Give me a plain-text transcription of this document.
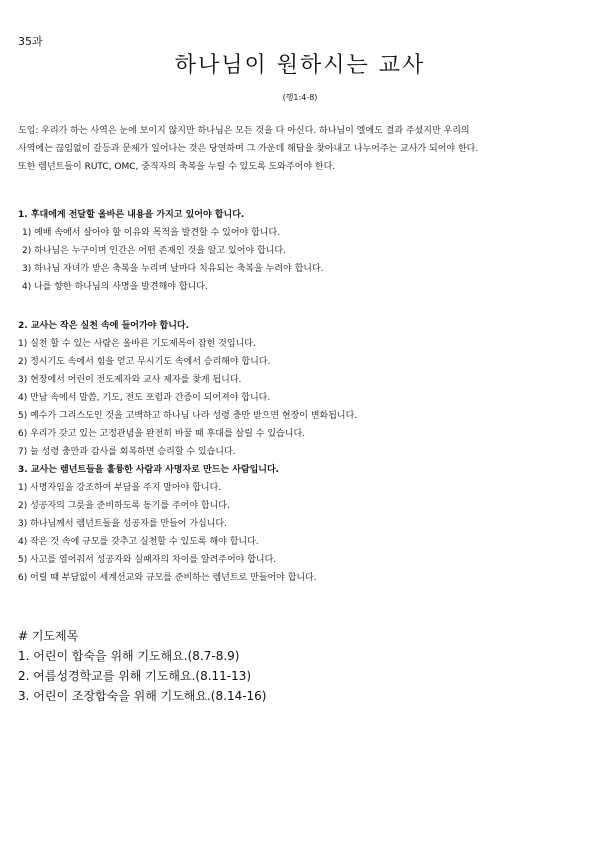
35과
하나님이 원하시는 교사
(행1:4-8)
도입: 우리가 하는 사역은 눈에 보이지 않지만 하나님은 모든 것을 다 아신다. 하나님이 엘에도 결과 주셨지만 우리의
사역에는 끊임없이 갈등과 문제가 일어나는 것은 당연하며 그 가운데 해답을 찾아내고 나누어주는 교사가 되어야 한다.
또한 렘넌트들이 RUTC, OMC, 중직자의 축복을 누릴 수 있도록 도와주어야 한다.
1. 후대에게 전달할 올바른 내용을 가지고 있어야 합니다.
1) 예배 속에서 살아야 할 이유와 목적을 발견할 수 있어야 합니다.
2) 하나님은 누구이며 인간은 어떤 존재인 것을 알고 있어야 합니다.
3) 하나님 자녀가 받은 축복을 누리며 날마다 치유되는 축복을 누려야 합니다.
4) 나를 향한 하나님의 사명을 발견해야 합니다.
2. 교사는 작은 실천 속에 들어가야 합니다.
1) 실천 할 수 있는 사람은 올바른 기도제목이 잡힌 것입니다.
2) 정시기도 속에서 힘을 얻고 무시기도 속에서 승리해야 합니다.
3) 현장에서 어린이 전도제자와 교사 제자를 찾게 됩니다.
4) 만남 속에서 말씀, 기도, 전도 포럼과 간증이 되어져야 합니다.
5) 예수가 그리스도인 것을 고백하고 하나님 나라 성령 충만 받으면 현장이 변화됩니다.
6) 우리가 갖고 있는 고정관념을 완전히 바꿀 때 후대를 살릴 수 있습니다.
7) 늘 성령 충만과 감사를 회복하면 승리할 수 있습니다.
3. 교사는 렘넌트들을 훌륭한 사람과 사명자로 만드는 사람입니다.
1) 사명자임을 강조하여 부담을 주지 말아야 합니다.
2) 성공자의 그릇을 준비하도록 동기를 주어야 합니다.
3) 하나님께서 렘넌트들을 성공자를 만들어 가십니다.
4) 작은 것 속에 규모를 갖추고 실천할 수 있도록 해야 합니다.
5) 사고를 열어줘서 성공자와 실패자의 차이를 알려주어야 합니다.
6) 어릴 때 부담없이 세계선교와 규모를 준비하는 렘넌트로 만들어야 합니다.
# 기도제목
1. 어린이 합숙을 위해 기도해요.(8.7-8.9)
2. 여름성경학교를 위해 기도해요.(8.11-13)
3. 어린이 조장합숙을 위해 기도해요.(8.14-16)
